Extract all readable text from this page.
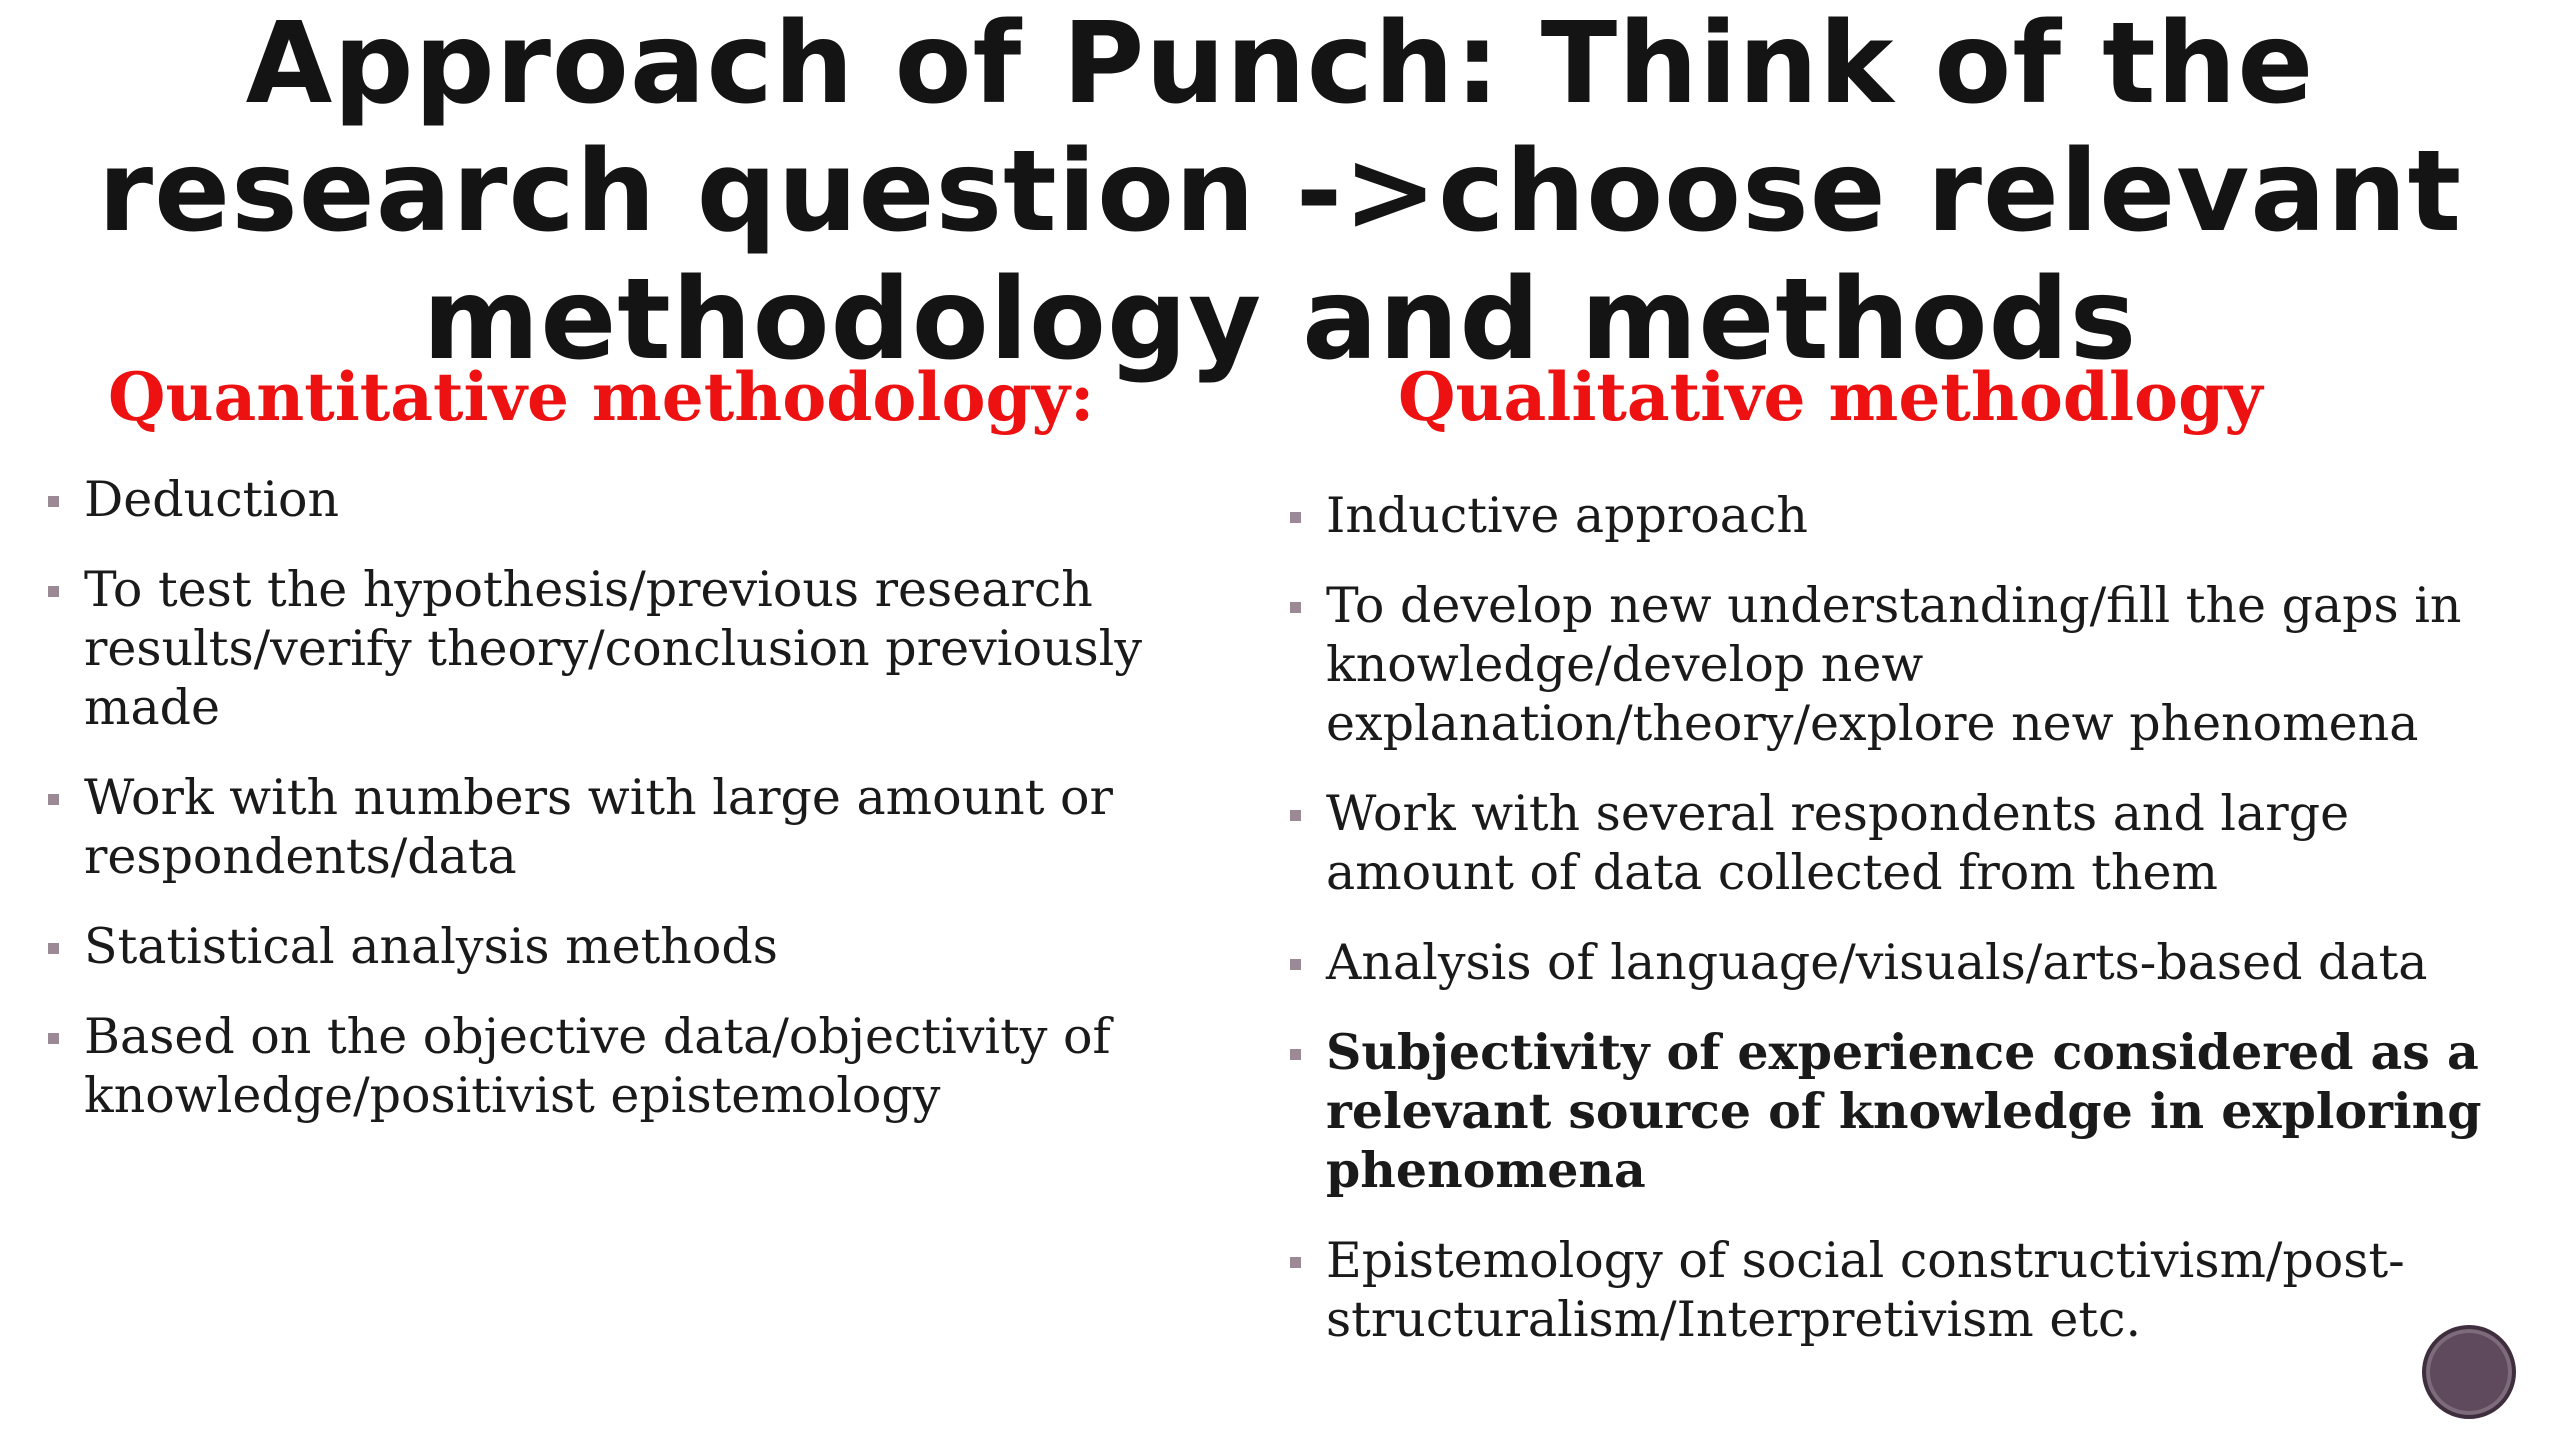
Approach of Punch: Think of the research question ->choose relevant methodology and methods
Quantitative methodology:	Qualitative methodlogy
Deduction
To test the hypothesis/previous research results/verify theory/conclusion previously made
Work with numbers with large amount or respondents/data
Statistical analysis methods
Based on the objective data/objectivity of knowledge/positivist epistemology
Inductive approach
To develop new understanding/fill the gaps in knowledge/develop new explanation/theory/explore new phenomena
Work with several respondents and large amount of data collected from them
Analysis of language/visuals/arts-based data
Subjectivity of experience considered as a relevant source of knowledge in exploring phenomena
Epistemology of social constructivism/post-structuralism/Interpretivism etc.
